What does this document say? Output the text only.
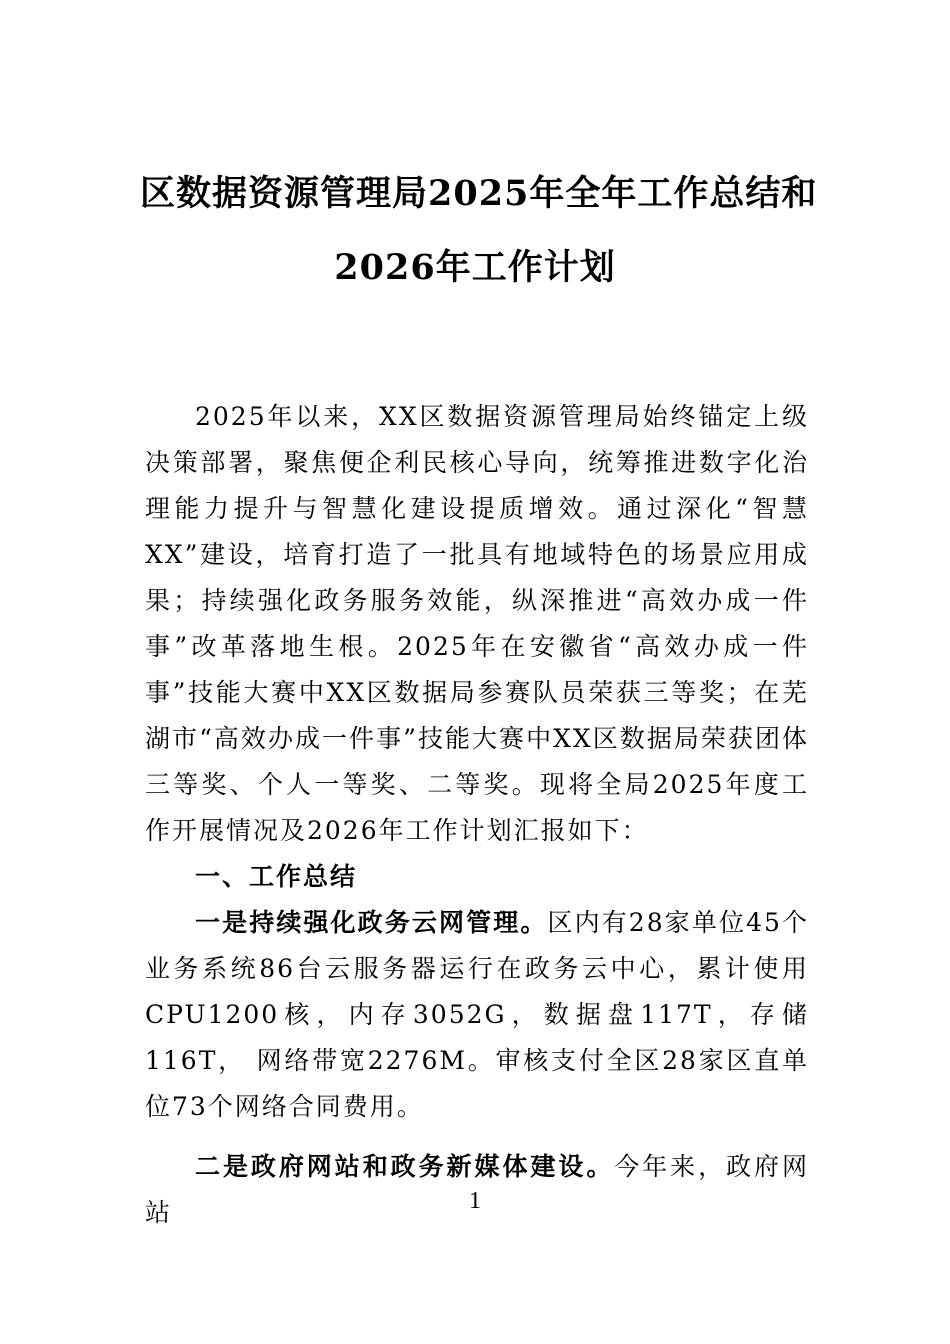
区数据资源管理局2025年全年工作总结和
2026年工作计划

2025年以来，XX区数据资源管理局始终锚定上级决策部署，聚焦便企利民核心导向，统筹推进数字化治理能力提升与智慧化建设提质增效。通过深化“智慧XX”建设，培育打造了一批具有地域特色的场景应用成果；持续强化政务服务效能，纵深推进“高效办成一件事”改革落地生根。2025年在安徽省“高效办成一件事”技能大赛中XX区数据局参赛队员荣获三等奖；在芜湖市“高效办成一件事”技能大赛中XX区数据局荣获团体三等奖、个人一等奖、二等奖。现将全局2025年度工作开展情况及2026年工作计划汇报如下：

一、工作总结

一是持续强化政务云网管理。区内有28家单位45个业务系统86台云服务器运行在政务云中心，累计使用CPU1200核，内存3052G，数据盘117T，存储116T， 网络带宽2276M。审核支付全区28家区直单位73个网络合同费用。

二是政府网站和政务新媒体建设。今年来，政府网站	1
